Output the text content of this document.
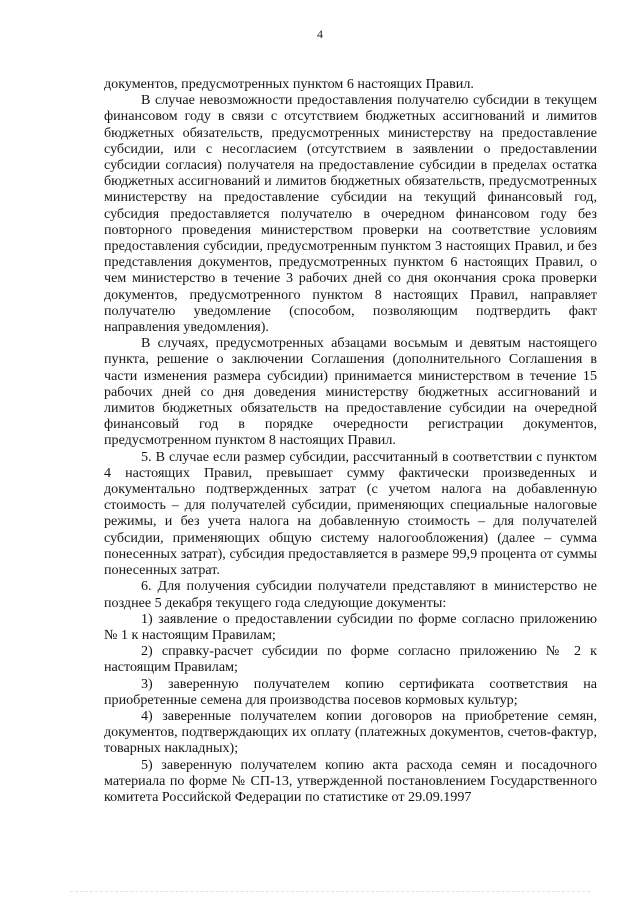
4

документов, предусмотренных пунктом 6 настоящих Правил.

В случае невозможности предоставления получателю субсидии в текущем финансовом году в связи с отсутствием бюджетных ассигнований и лимитов бюджетных обязательств, предусмотренных министерству на предоставление субсидии, или с несогласием (отсутствием в заявлении о предоставлении субсидии согласия) получателя на предоставление субсидии в пределах остатка бюджетных ассигнований и лимитов бюджетных обязательств, предусмотренных министерству на предоставление субсидии на текущий финансовый год, субсидия предоставляется получателю в очередном финансовом году без повторного проведения министерством проверки на соответствие условиям предоставления субсидии, предусмотренным пунктом 3 настоящих Правил, и без представления документов, предусмотренных пунктом 6 настоящих Правил, о чем министерство в течение 3 рабочих дней со дня окончания срока проверки документов, предусмотренного пунктом 8 настоящих Правил, направляет получателю уведомление (способом, позволяющим подтвердить факт направления уведомления).

В случаях, предусмотренных абзацами восьмым и девятым настоящего пункта, решение о заключении Соглашения (дополнительного Соглашения в части изменения размера субсидии) принимается министерством в течение 15 рабочих дней со дня доведения министерству бюджетных ассигнований и лимитов бюджетных обязательств на предоставление субсидии на очередной финансовый год в порядке очередности регистрации документов, предусмотренном пунктом 8 настоящих Правил.

5. В случае если размер субсидии, рассчитанный в соответствии с пунктом 4 настоящих Правил, превышает сумму фактически произведенных и документально подтвержденных затрат (с учетом налога на добавленную стоимость – для получателей субсидии, применяющих специальные налоговые режимы, и без учета налога на добавленную стоимость – для получателей субсидии, применяющих общую систему налогообложения) (далее – сумма понесенных затрат), субсидия предоставляется в размере 99,9 процента от суммы понесенных затрат.

6. Для получения субсидии получатели представляют в министерство не позднее 5 декабря текущего года следующие документы:

1) заявление о предоставлении субсидии по форме согласно приложению № 1 к настоящим Правилам;

2) справку-расчет субсидии по форме согласно приложению № 2 к настоящим Правилам;

3) заверенную получателем копию сертификата соответствия на приобретенные семена для производства посевов кормовых культур;

4) заверенные получателем копии договоров на приобретение семян, документов, подтверждающих их оплату (платежных документов, счетов-фактур, товарных накладных);

5) заверенную получателем копию акта расхода семян и посадочного материала по форме № СП-13, утвержденной постановлением Государственного комитета Российской Федерации по статистике от 29.09.1997
